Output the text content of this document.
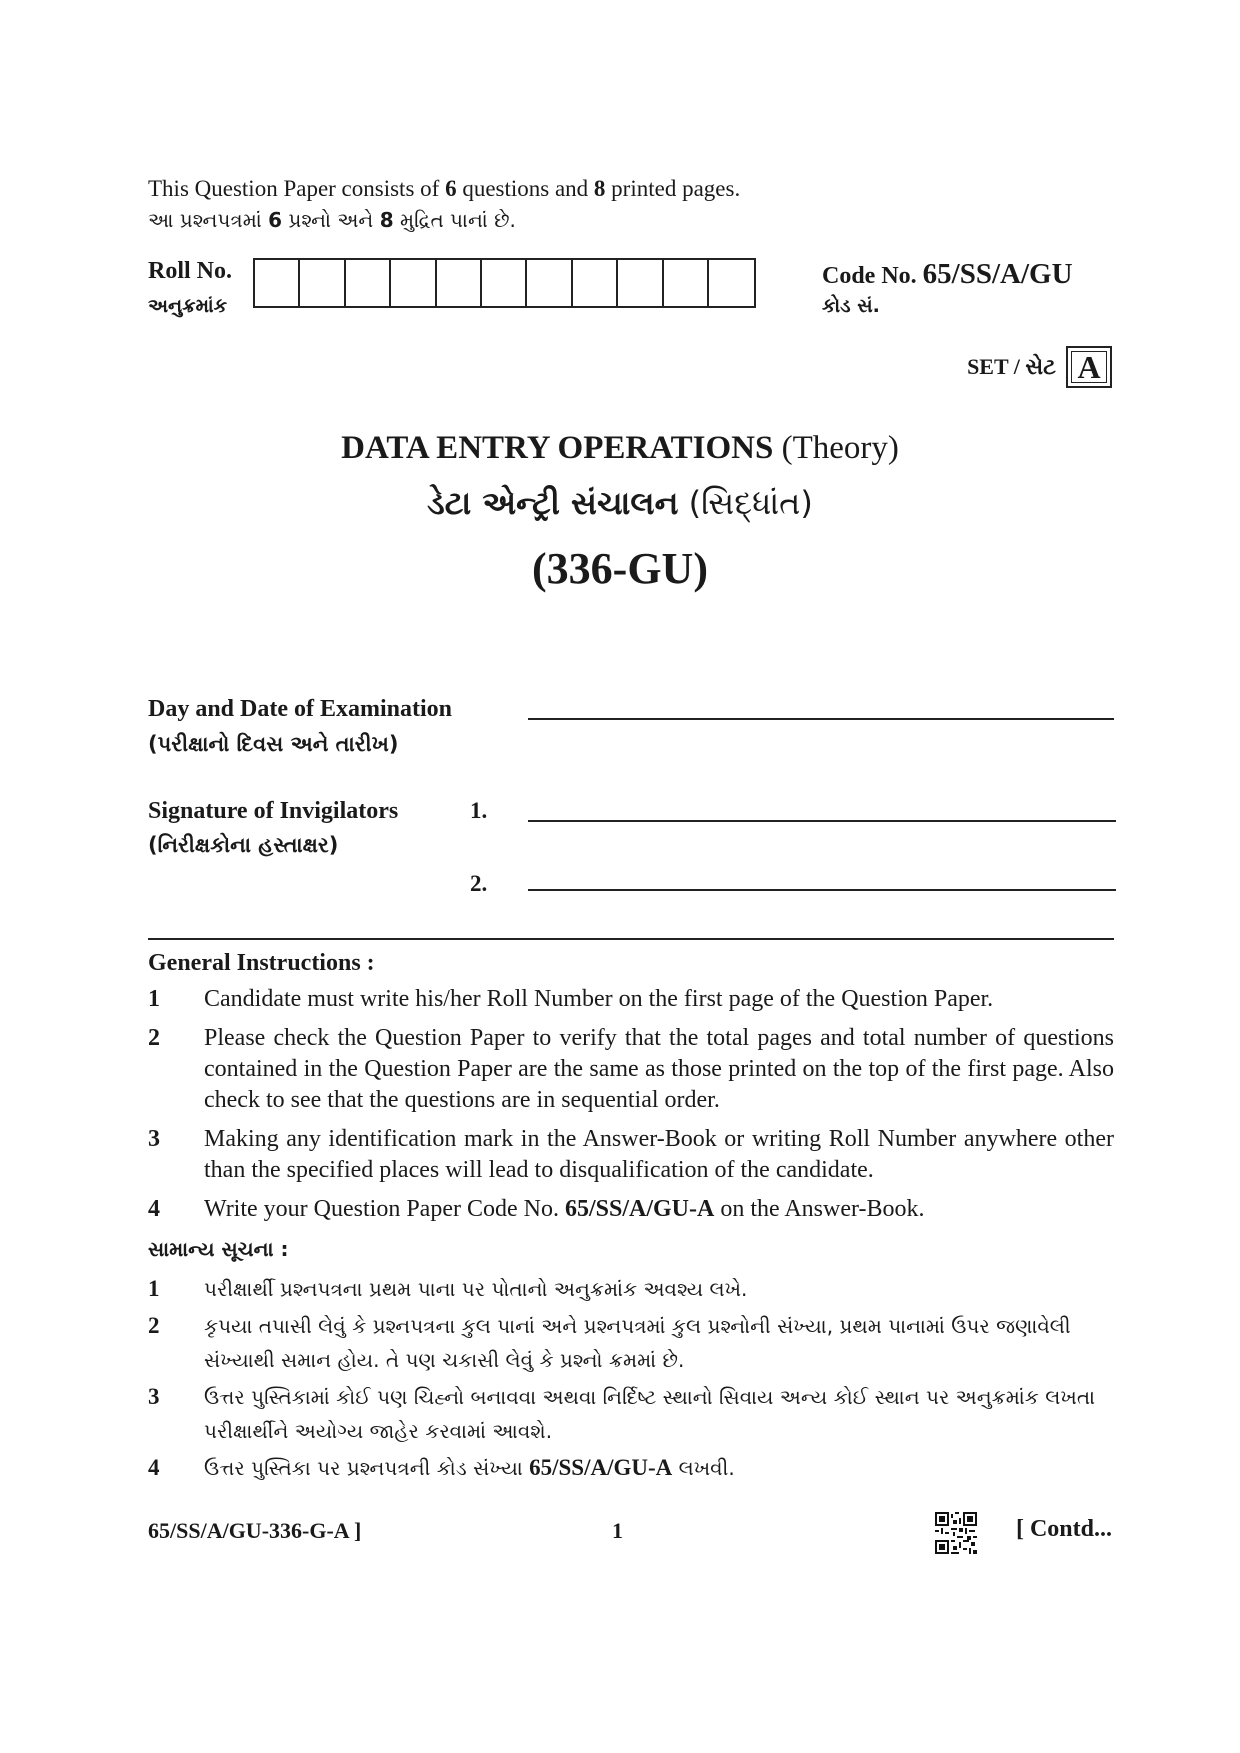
This Question Paper consists of 6 questions and 8 printed pages.
આ પ્રશ્નપત્રમાં 6 પ્રશ્નો અને 8 મુદ્રિત પાનાં છે.
Roll No.
અનુક્રમાંક
Code No. 65/SS/A/GU
કોડ સં.
SET / સેટ A
DATA ENTRY OPERATIONS (Theory)
ડેટા એન્ટ્રી સંચાલન (સિદ્ધાંત)
(336-GU)
Day and Date of Examination
(પરીક્ષાનો દિવસ અને તારીખ)
Signature of Invigilators
(નિરીક્ષકોના હસ્તાક્ષર)
1.
2.
General Instructions :
1	Candidate must write his/her Roll Number on the first page of the Question Paper.
2	Please check the Question Paper to verify that the total pages and total number of questions contained in the Question Paper are the same as those printed on the top of the first page. Also check to see that the questions are in sequential order.
3	Making any identification mark in the Answer-Book or writing Roll Number anywhere other than the specified places will lead to disqualification of the candidate.
4	Write your Question Paper Code No. 65/SS/A/GU-A on the Answer-Book.
સામાન્ય સૂચના :
1	પરીક્ષાર્થી પ્રશ્નપત્રના પ્રથમ પાના પર પોતાનો અનુક્રમાંક અવશ્ય લખે.
2	કૃપયા તપાસી લેવું કે પ્રશ્નપત્રના કુલ પાનાં અને પ્રશ્નપત્રમાં કુલ પ્રશ્નોની સંખ્યા, પ્રથમ પાનામાં ઉપર જણાવેલી સંખ્યાથી સમાન હોય. તે પણ ચકાસી લેવું કે પ્રશ્નો ક્રમમાં છે.
3	ઉત્તર પુસ્તિકામાં કોઈ પણ ચિહ્નો બનાવવા અથવા નિર્દિષ્ટ સ્થાનો સિવાય અન્ય કોઈ સ્થાન પર અનુક્રમાંક લખતા પરીક્ષાર્થીને અયોગ્ય જાહેર કરવામાં આવશે.
4	ઉત્તર પુસ્તિકા પર પ્રશ્નપત્રની કોડ સંખ્યા 65/SS/A/GU-A લખવી.
65/SS/A/GU-336-G-A ]	1	[ Contd...
